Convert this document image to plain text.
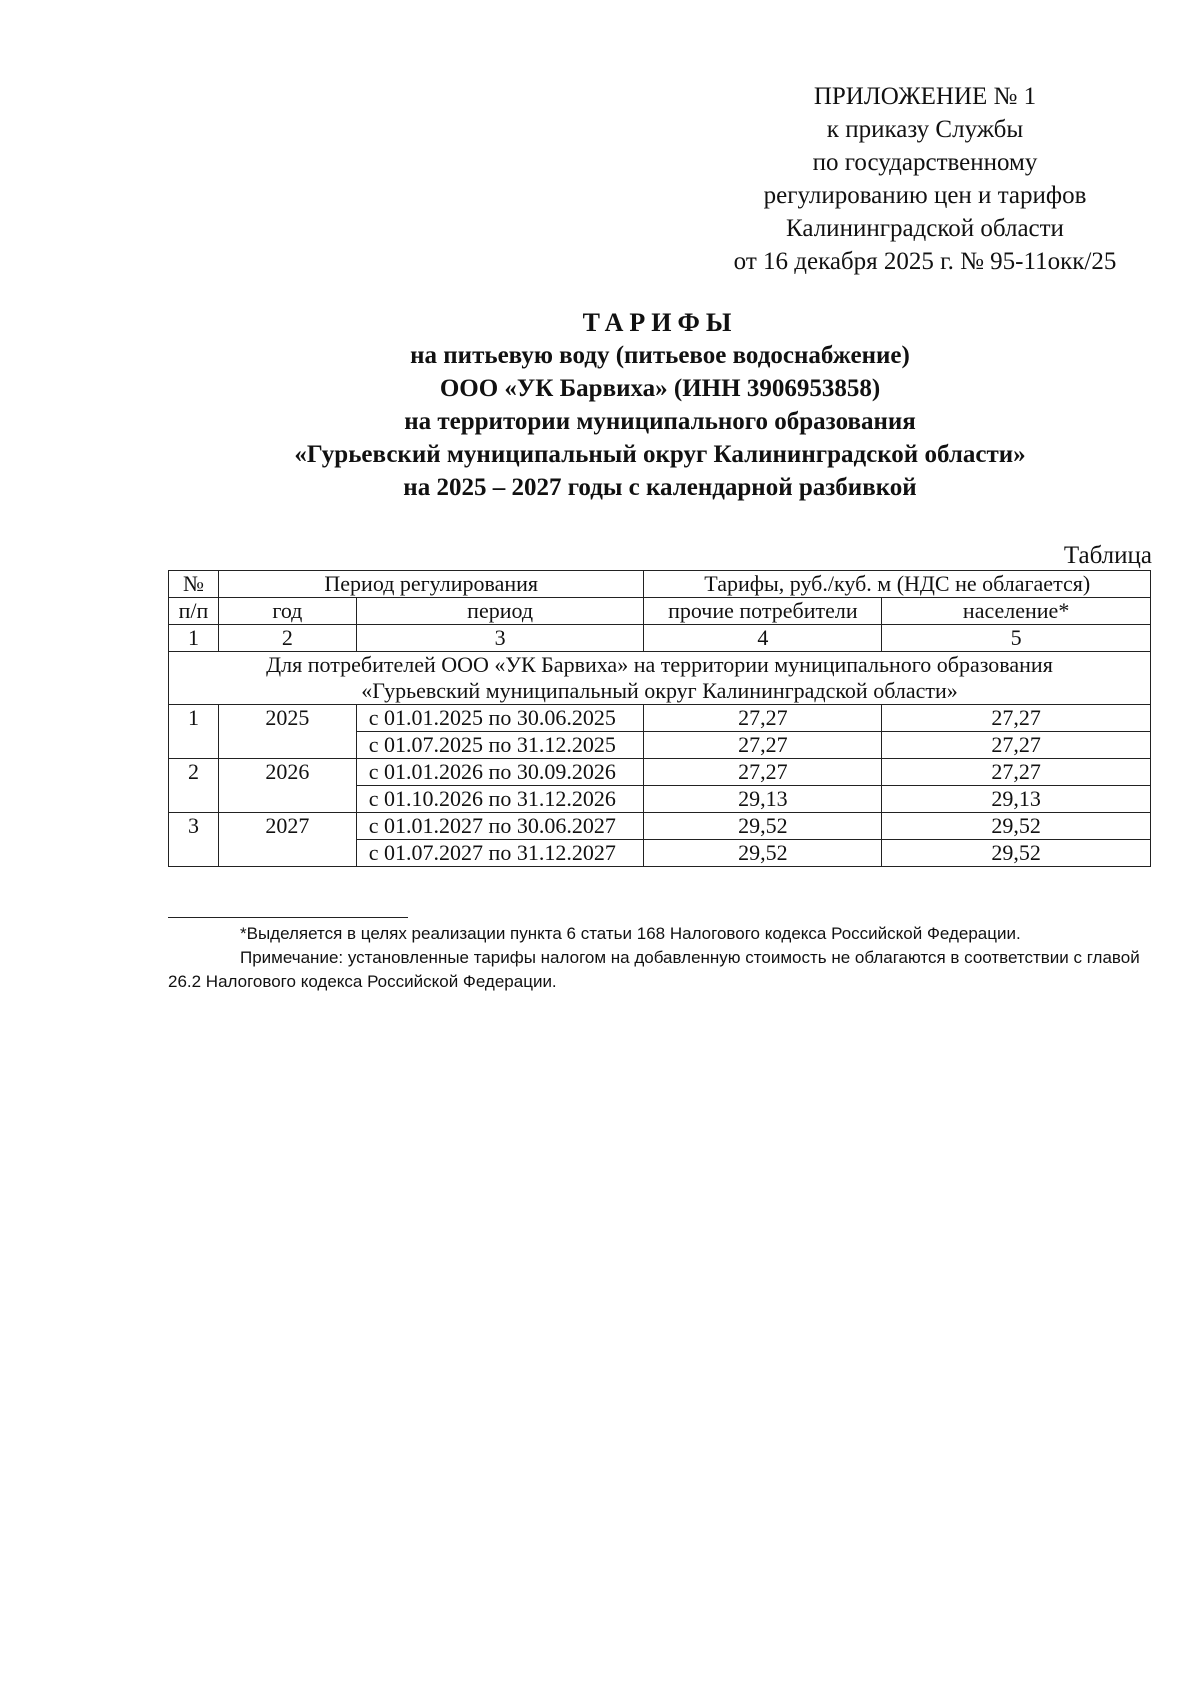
ПРИЛОЖЕНИЕ № 1
к приказу Службы
по государственному
регулированию цен и тарифов
Калининградской области
от 16 декабря 2025 г. № 95-11окк/25
ТАРИФЫ
на питьевую воду (питьевое водоснабжение)
ООО «УК Барвиха» (ИНН 3906953858)
на территории муниципального образования
«Гурьевский муниципальный округ Калининградской области»
на 2025 – 2027 годы с календарной разбивкой
Таблица
№	Период регулирования		Тарифы, руб./куб. м (НДС не облагается)	
п/п	год	период	прочие потребители	население*
1	2	3	4	5

Для потребителей ООО «УК Барвиха» на территории муниципального образования
«Гурьевский муниципальный округ Калининградской области»				

1	2025	с 01.01.2025 по 30.06.2025	27,27	27,27
		с 01.07.2025 по 31.12.2025	27,27	27,27
2	2026	с 01.01.2026 по 30.09.2026	27,27	27,27
		с 01.10.2026 по 31.12.2026	29,13	29,13
3	2027	с 01.01.2027 по 30.06.2027	29,52	29,52
		с 01.07.2027 по 31.12.2027	29,52	29,52

*Выделяется в целях реализации пункта 6 статьи 168 Налогового кодекса Российской Федерации.

Примечание: установленные тарифы налогом на добавленную стоимость не облагаются в соответствии с главой 26.2 Налогового кодекса Российской Федерации.
